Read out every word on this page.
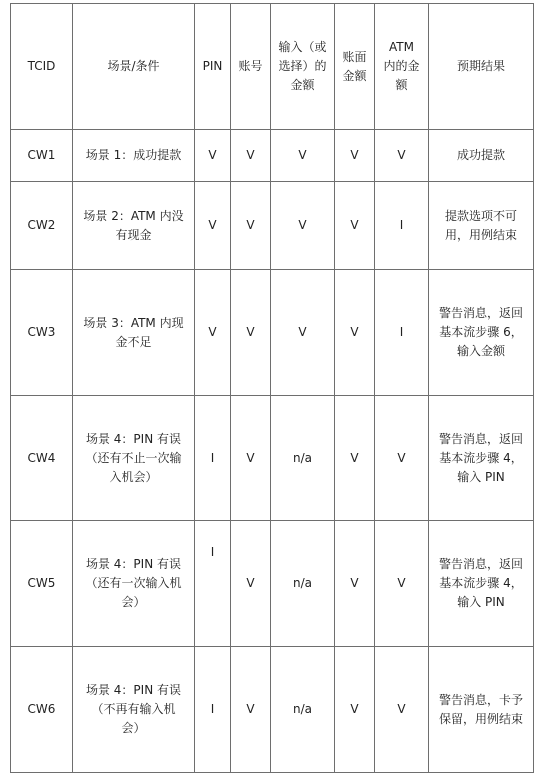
TCID	场景/条件	PIN	账号	输入（或
选择）的
金额	账面
金额	ATM
内的金
额	预期结果

CW1	场景 1：成功提款	V	V	V	V	V	成功提款

CW2	场景 2：ATM 内没
有现金	V	V	V	V	I	提款选项不可
用，用例结束

CW3	场景 3：ATM 内现
金不足	V	V	V	V	I	警告消息，返回
基本流步骤 6，
输入金额

CW4	场景 4：PIN 有误
（还有不止一次输
入机会）	I	V	n/a	V	V	警告消息，返回
基本流步骤 4，
输入 PIN

CW5	场景 4：PIN 有误
（还有一次输入机
会）	I	V	n/a	V	V	警告消息，返回
基本流步骤 4，
输入 PIN

CW6	场景 4：PIN 有误
（不再有输入机
会）	I	V	n/a	V	V	警告消息，卡予
保留，用例结束
